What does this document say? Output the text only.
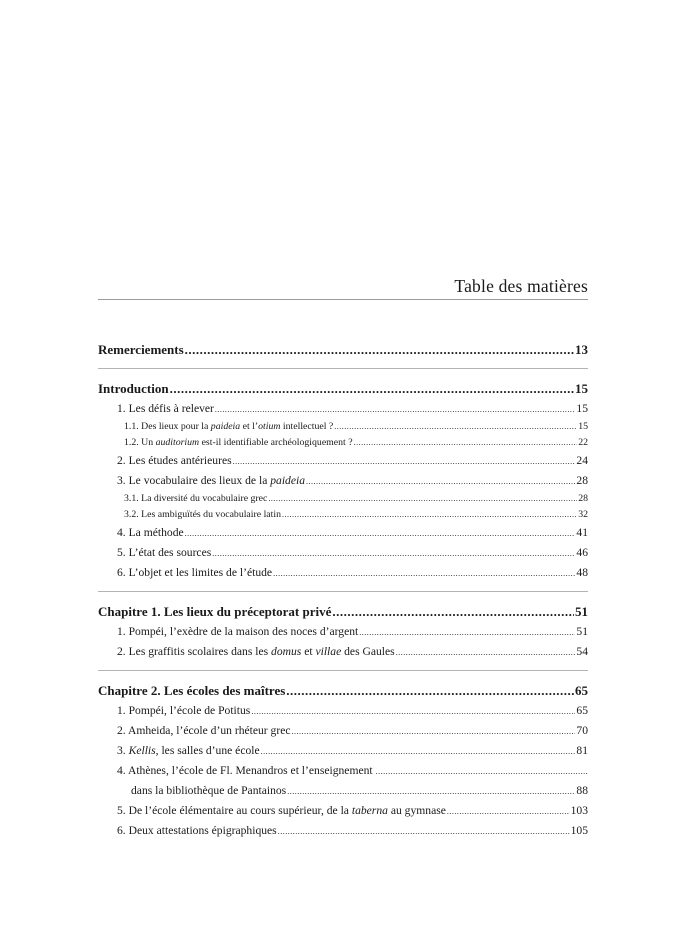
Table des matières
Remerciements .....	13
Introduction .....	15
1. Les défis à relever .....	15
1.1. Des lieux pour la paideia et l’otium intellectuel ? .....	15
1.2. Un auditorium est-il identifiable archéologiquement ? .....	22
2. Les études antérieures .....	24
3. Le vocabulaire des lieux de la paideia .....	28
3.1. La diversité du vocabulaire grec .....	28
3.2. Les ambiguïtés du vocabulaire latin .....	32
4. La méthode .....	41
5. L’état des sources .....	46
6. L’objet et les limites de l’étude .....	48
Chapitre 1. Les lieux du préceptorat privé .....	51
1. Pompéi, l’exèdre de la maison des noces d’argent .....	51
2. Les graffitis scolaires dans les domus et villae des Gaules .....	54
Chapitre 2. Les écoles des maîtres .....	65
1. Pompéi, l’école de Potitus .....	65
2. Amheida, l’école d’un rhéteur grec .....	70
3. Kellis, les salles d’une école .....	81
4. Athènes, l’école de Fl. Menandros et l’enseignement
.....
dans la bibliothèque de Pantainos .....	88
5. De l’école élémentaire au cours supérieur, de la taberna au gymnase .....	103
6. Deux attestations épigraphiques .....	105
